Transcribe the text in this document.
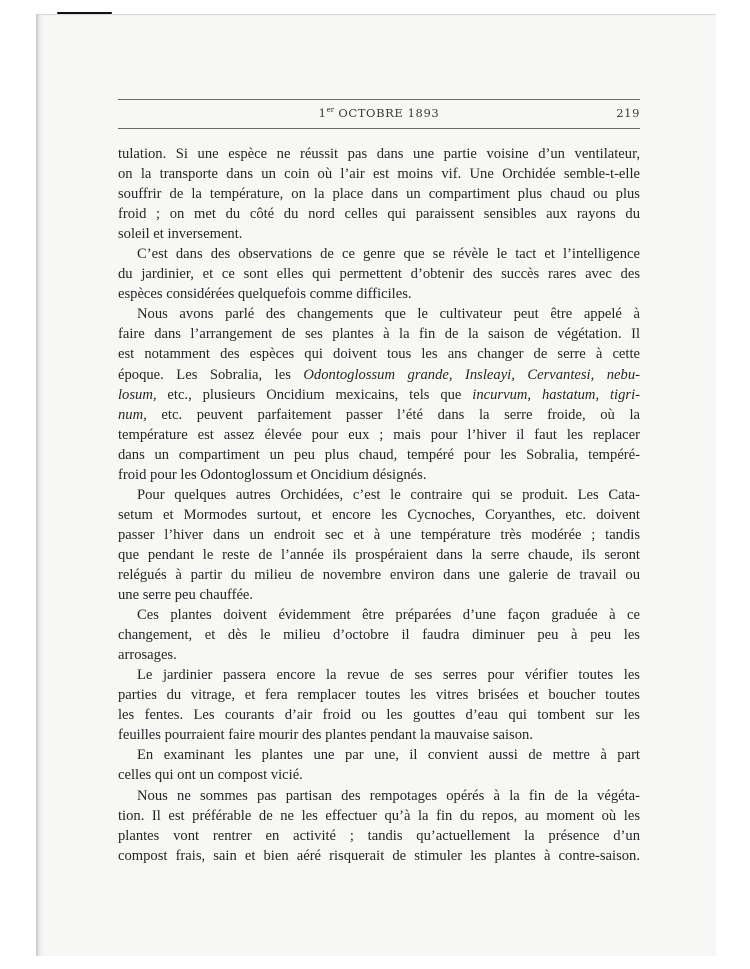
1er OCTOBRE 1893	219
tulation. Si une espèce ne réussit pas dans une partie voisine d’un ventilateur,
on la transporte dans un coin où l’air est moins vif. Une Orchidée semble-t-elle
souffrir de la température, on la place dans un compartiment plus chaud ou plus
froid ; on met du côté du nord celles qui paraissent sensibles aux rayons du
soleil et inversement.
C’est dans des observations de ce genre que se révèle le tact et l’intelligence
du jardinier, et ce sont elles qui permettent d’obtenir des succès rares avec des
espèces considérées quelquefois comme difficiles.
Nous avons parlé des changements que le cultivateur peut être appelé à
faire dans l’arrangement de ses plantes à la fin de la saison de végétation. Il
est notamment des espèces qui doivent tous les ans changer de serre à cette
époque. Les Sobralia, les Odontoglossum grande, Insleayi, Cervantesi, nebu-
losum, etc., plusieurs Oncidium mexicains, tels que incurvum, hastatum, tigri-
num, etc. peuvent parfaitement passer l’été dans la serre froide, où la
température est assez élevée pour eux ; mais pour l’hiver il faut les replacer
dans un compartiment un peu plus chaud, tempéré pour les Sobralia, tempéré-
froid pour les Odontoglossum et Oncidium désignés.
Pour quelques autres Orchidées, c’est le contraire qui se produit. Les Cata-
setum et Mormodes surtout, et encore les Cycnoches, Coryanthes, etc. doivent
passer l’hiver dans un endroit sec et à une température très modérée ; tandis
que pendant le reste de l’année ils prospéraient dans la serre chaude, ils seront
relégués à partir du milieu de novembre environ dans une galerie de travail ou
une serre peu chauffée.
Ces plantes doivent évidemment être préparées d’une façon graduée à ce
changement, et dès le milieu d’octobre il faudra diminuer peu à peu les
arrosages.
Le jardinier passera encore la revue de ses serres pour vérifier toutes les
parties du vitrage, et fera remplacer toutes les vitres brisées et boucher toutes
les fentes. Les courants d’air froid ou les gouttes d’eau qui tombent sur les
feuilles pourraient faire mourir des plantes pendant la mauvaise saison.
En examinant les plantes une par une, il convient aussi de mettre à part
celles qui ont un compost vicié.
Nous ne sommes pas partisan des rempotages opérés à la fin de la végéta-
tion. Il est préférable de ne les effectuer qu’à la fin du repos, au moment où les
plantes vont rentrer en activité ; tandis qu’actuellement la présence d’un
compost frais, sain et bien aéré risquerait de stimuler les plantes à contre-saison.
